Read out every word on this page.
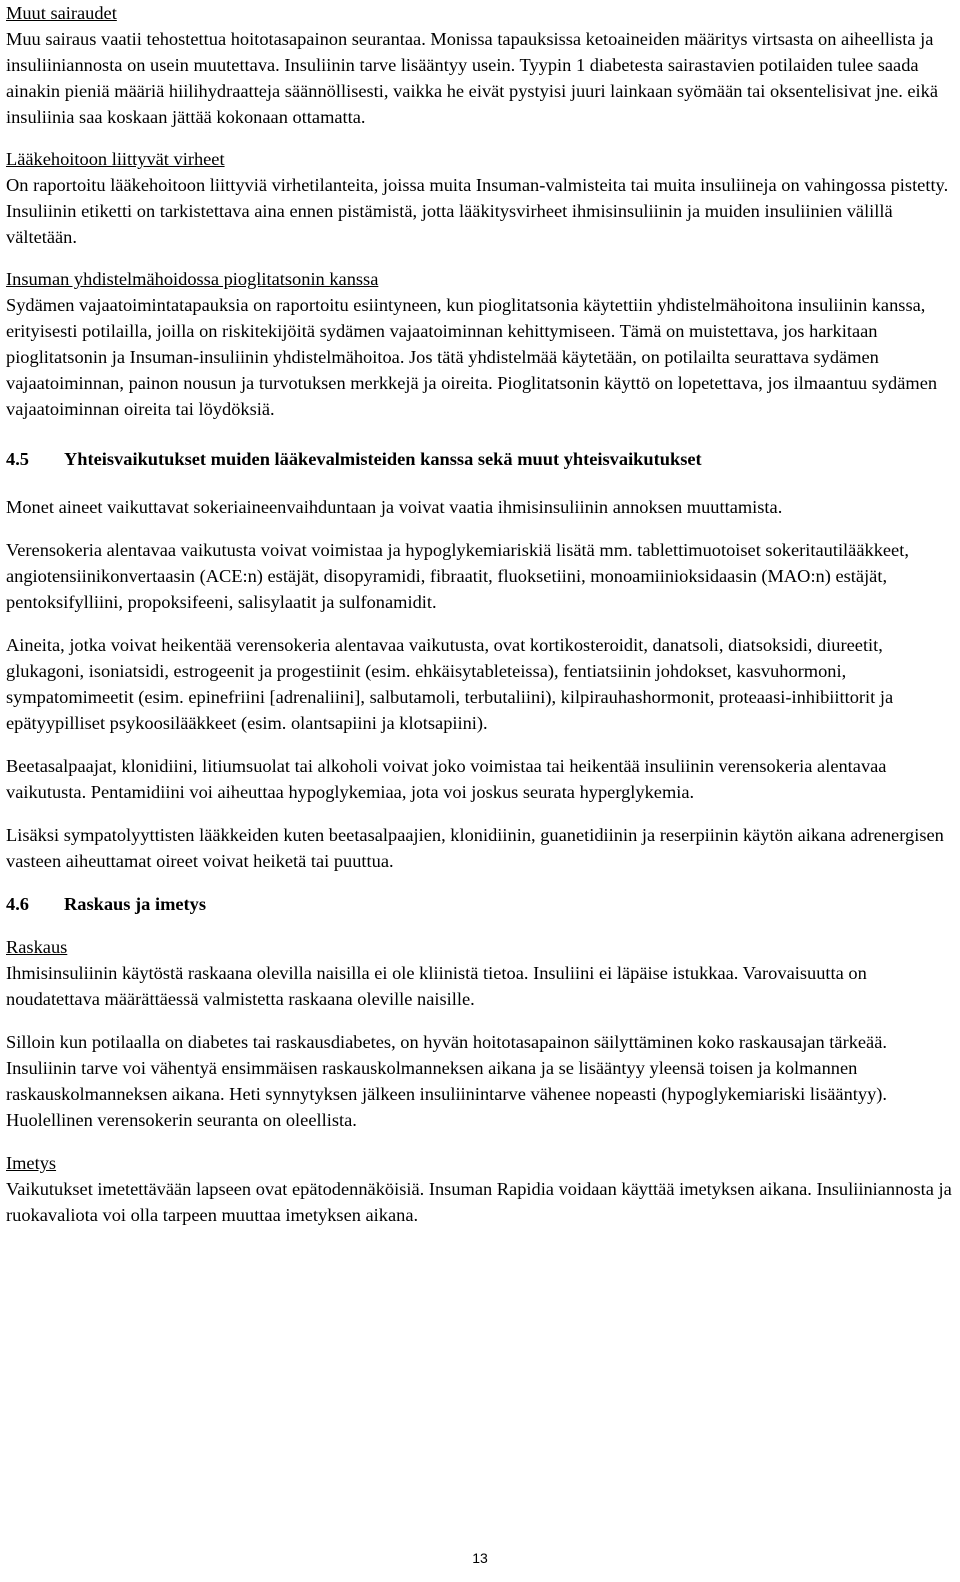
Muut sairaudet

Muu sairaus vaatii tehostettua hoitotasapainon seurantaa. Monissa tapauksissa ketoaineiden määritys virtsasta on aiheellista ja insuliiniannosta on usein muutettava. Insuliinin tarve lisääntyy usein. Tyypin 1 diabetesta sairastavien potilaiden tulee saada ainakin pieniä määriä hiilihydraatteja säännöllisesti, vaikka he eivät pystyisi juuri lainkaan syömään tai oksentelisivat jne. eikä insuliinia saa koskaan jättää kokonaan ottamatta.

Lääkehoitoon liittyvät virheet

On raportoitu lääkehoitoon liittyviä virhetilanteita, joissa muita Insuman-valmisteita tai muita insuliineja on vahingossa pistetty. Insuliinin etiketti on tarkistettava aina ennen pistämistä, jotta lääkitysvirheet ihmisinsuliinin ja muiden insuliinien välillä vältetään.

Insuman yhdistelmähoidossa pioglitatsonin kanssa

Sydämen vajaatoimintatapauksia on raportoitu esiintyneen, kun pioglitatsonia käytettiin yhdistelmähoitona insuliinin kanssa, erityisesti potilailla, joilla on riskitekijöitä sydämen vajaatoiminnan kehittymiseen. Tämä on muistettava, jos harkitaan pioglitatsonin ja Insuman-insuliinin yhdistelmähoitoa. Jos tätä yhdistelmää käytetään, on potilailta seurattava sydämen vajaatoiminnan, painon nousun ja turvotuksen merkkejä ja oireita. Pioglitatsonin käyttö on lopetettava, jos ilmaantuu sydämen vajaatoiminnan oireita tai löydöksiä.

4.5 Yhteisvaikutukset muiden lääkevalmisteiden kanssa sekä muut yhteisvaikutukset

Monet aineet vaikuttavat sokeriaineenvaihduntaan ja voivat vaatia ihmisinsuliinin annoksen muuttamista.

Verensokeria alentavaa vaikutusta voivat voimistaa ja hypoglykemiariskiä lisätä mm. tablettimuotoiset sokeritautilääkkeet, angiotensiinikonvertaasin (ACE:n) estäjät, disopyramidi, fibraatit, fluoksetiini, monoamiinioksidaasin (MAO:n) estäjät, pentoksifylliini, propoksifeeni, salisylaatit ja sulfonamidit.

Aineita, jotka voivat heikentää verensokeria alentavaa vaikutusta, ovat kortikosteroidit, danatsoli, diatsoksidi, diureetit, glukagoni, isoniatsidi, estrogeenit ja progestiinit (esim. ehkäisytableteissa), fentiatsiinin johdokset, kasvuhormoni, sympatomimeetit (esim. epinefriini [adrenaliini], salbutamoli, terbutaliini), kilpirauhashormonit, proteaasi-inhibiittorit ja epätyypilliset psykoosilääkkeet (esim. olantsapiini ja klotsapiini).

Beetasalpaajat, klonidiini, litiumsuolat tai alkoholi voivat joko voimistaa tai heikentää insuliinin verensokeria alentavaa vaikutusta. Pentamidiini voi aiheuttaa hypoglykemiaa, jota voi joskus seurata hyperglykemia.

Lisäksi sympatolyyttisten lääkkeiden kuten beetasalpaajien, klonidiinin, guanetidiinin ja reserpiinin käytön aikana adrenergisen vasteen aiheuttamat oireet voivat heiketä tai puuttua.

4.6 Raskaus ja imetys
Raskaus

Ihmisinsuliinin käytöstä raskaana olevilla naisilla ei ole kliinistä tietoa. Insuliini ei läpäise istukkaa. Varovaisuutta on noudatettava määrättäessä valmistetta raskaana oleville naisille.

Silloin kun potilaalla on diabetes tai raskausdiabetes, on hyvän hoitotasapainon säilyttäminen koko raskausajan tärkeää. Insuliinin tarve voi vähentyä ensimmäisen raskauskolmanneksen aikana ja se lisääntyy yleensä toisen ja kolmannen raskauskolmanneksen aikana. Heti synnytyksen jälkeen insuliinintarve vähenee nopeasti (hypoglykemiariski lisääntyy). Huolellinen verensokerin seuranta on oleellista.

Imetys

Vaikutukset imetettävään lapseen ovat epätodennäköisiä. Insuman Rapidia voidaan käyttää imetyksen aikana. Insuliiniannosta ja ruokavaliota voi olla tarpeen muuttaa imetyksen aikana.

13
